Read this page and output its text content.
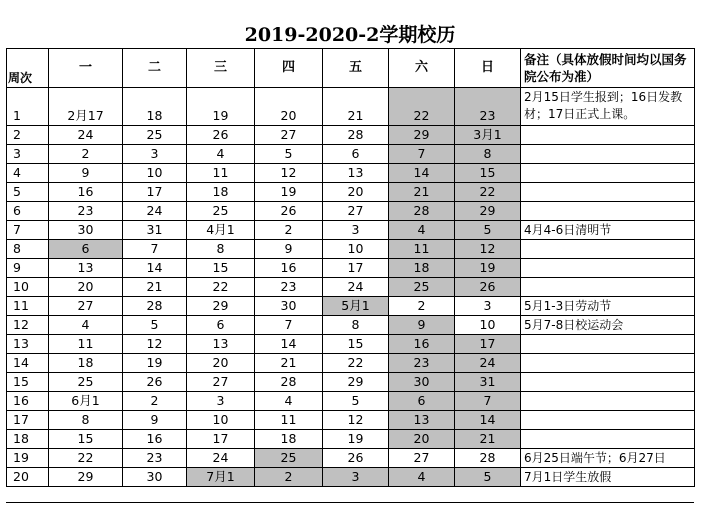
2019-2020-2学期校历
周次	一	二	三	四	五	六	日	备注（具体放假时间均以国务院公布为准）
1	2月17	18	19	20	21	22	23	2月15日学生报到；16日发教材；17日正式上课。
2	24	25	26	27	28	29	3月1	
3	2	3	4	5	6	7	8	
4	9	10	11	12	13	14	15	
5	16	17	18	19	20	21	22	
6	23	24	25	26	27	28	29	
7	30	31	4月1	2	3	4	5	4月4-6日清明节
8	6	7	8	9	10	11	12	
9	13	14	15	16	17	18	19	
10	20	21	22	23	24	25	26	
11	27	28	29	30	5月1	2	3	5月1-3日劳动节
12	4	5	6	7	8	9	10	5月7-8日校运动会
13	11	12	13	14	15	16	17	
14	18	19	20	21	22	23	24	
15	25	26	27	28	29	30	31	
16	6月1	2	3	4	5	6	7	
17	8	9	10	11	12	13	14	
18	15	16	17	18	19	20	21	
19	22	23	24	25	26	27	28	6月25日端午节；6月27日
20	29	30	7月1	2	3	4	5	7月1日学生放假
